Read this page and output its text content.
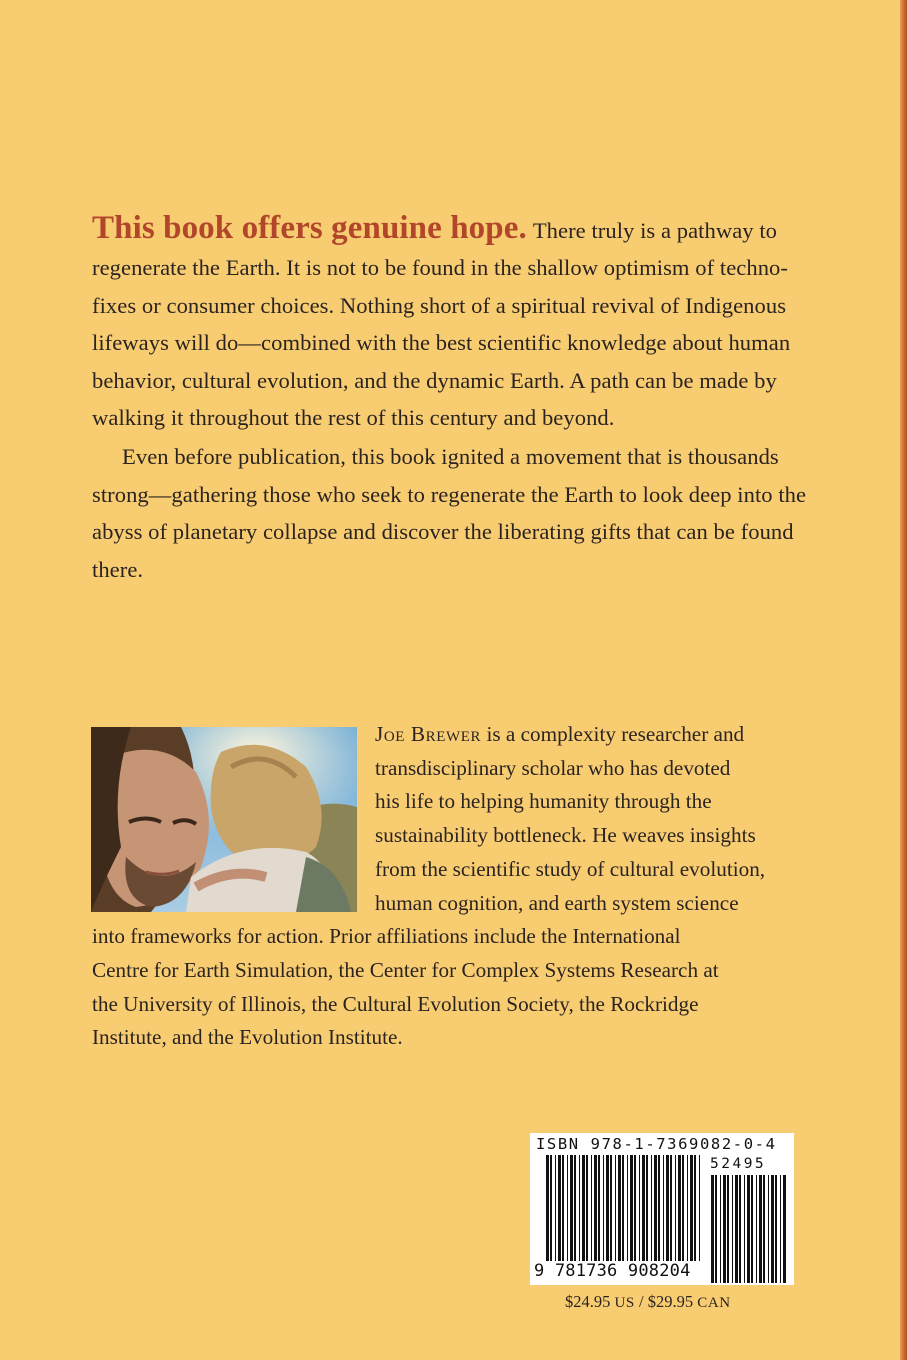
This book offers genuine hope. There truly is a pathway to regenerate the Earth. It is not to be found in the shallow optimism of techno-fixes or consumer choices. Nothing short of a spiritual revival of Indigenous lifeways will do—combined with the best scientific knowledge about human behavior, cultural evolution, and the dynamic Earth. A path can be made by walking it throughout the rest of this century and beyond.

Even before publication, this book ignited a movement that is thousands strong—gathering those who seek to regenerate the Earth to look deep into the abyss of planetary collapse and discover the liberating gifts that can be found there.

Joe Brewer is a complexity researcher and
transdisciplinary scholar who has devoted
his life to helping humanity through the
sustainability bottleneck. He weaves insights
from the scientific study of cultural evolution,
human cognition, and earth system science
into frameworks for action. Prior affiliations include the International
Centre for Earth Simulation, the Center for Complex Systems Research at
the University of Illinois, the Cultural Evolution Society, the Rockridge
Institute, and the Evolution Institute.
ISBN 978-1-7369082-0-4
52495
9 781736 908204
$24.95 US / $29.95 CAN
